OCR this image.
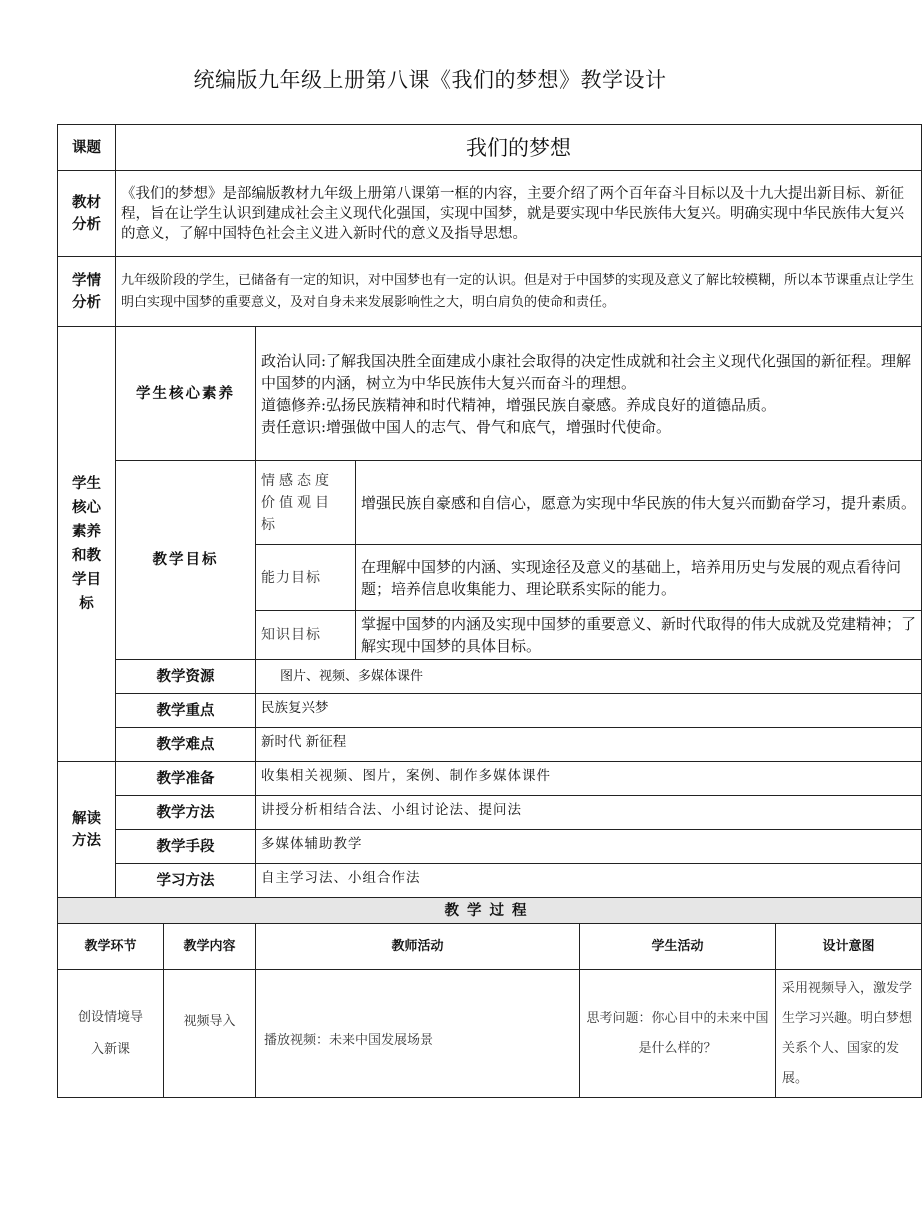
统编版九年级上册第八课《我们的梦想》教学设计
课题	我们的梦想					
教材分析	《我们的梦想》是部编版教材九年级上册第八课第一框的内容，主要介绍了两个百年奋斗目标以及十九大提出新目标、新征程，旨在让学生认识到建成社会主义现代化强国，实现中国梦，就是要实现中华民族伟大复兴。明确实现中华民族伟大复兴的意义，了解中国特色社会主义进入新时代的意义及指导思想。					
学情分析	九年级阶段的学生，已储备有一定的知识，对中国梦也有一定的认识。但是对于中国梦的实现及意义了解比较模糊，所以本节课重点让学生明白实现中国梦的重要意义，及对自身未来发展影响性之大，明白肩负的使命和责任。					
学生核心素养和教学目标	学生核心素养		政治认同:了解我国决胜全面建成小康社会取得的决定性成就和社会主义现代化强国的新征程。理解中国梦的内涵，树立为中华民族伟大复兴而奋斗的理想。
道德修养:弘扬民族精神和时代精神，增强民族自豪感。养成良好的道德品质。
责任意识:增强做中国人的志气、骨气和底气，增强时代使命。			

	教学目标		情感态度价值观目标	增强民族自豪感和自信心，愿意为实现中华民族的伟大复兴而勤奋学习，提升素质。		
			能力目标	在理解中国梦的内涵、实现途径及意义的基础上，培养用历史与发展的观点看待问题；培养信息收集能力、理论联系实际的能力。		
			知识目标	掌握中国梦的内涵及实现中国梦的重要意义、新时代取得的伟大成就及党建精神；了解实现中国梦的具体目标。		
	教学资源		图片、视频、多媒体课件			
	教学重点		民族复兴梦			
	教学难点		新时代 新征程			
解读方法	教学准备		收集相关视频、图片，案例、制作多媒体课件			
	教学方法		讲授分析相结合法、小组讨论法、提问法			
	教学手段		多媒体辅助教学			
	学习方法		自主学习法、小组合作法			
教学过程						
教学环节		教学内容	教师活动		学生活动	设计意图
创设情境导入新课		视频导入	播放视频：未来中国发展场景		思考问题：你心目中的未来中国是什么样的？	采用视频导入，激发学生学习兴趣。明白梦想关系个人、国家的发展。
